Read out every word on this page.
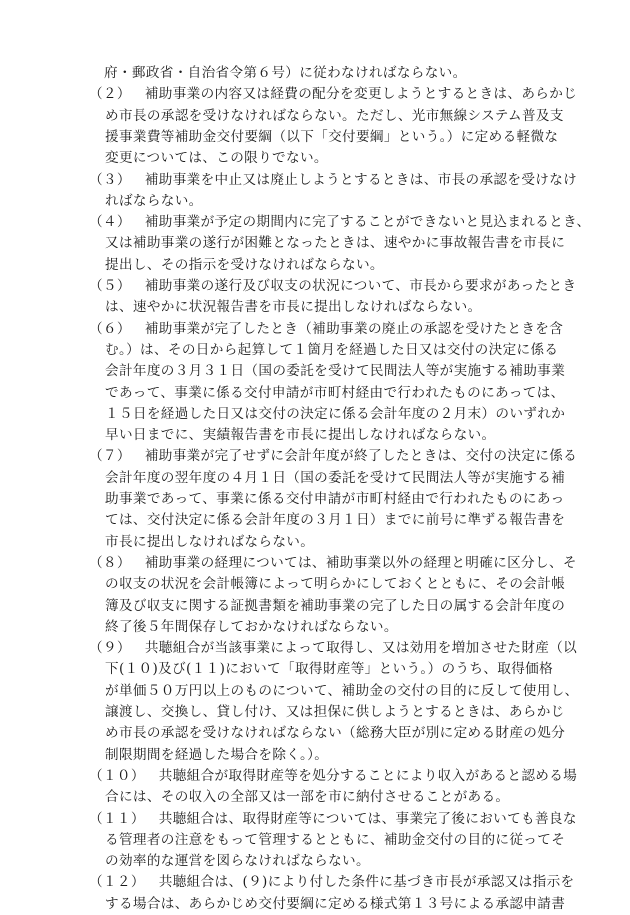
府・郵政省・自治省令第６号）に従わなければならない。
（２） 補助事業の内容又は経費の配分を変更しようとするときは、あらかじ
め市長の承認を受けなければならない。ただし、光市無線システム普及支
援事業費等補助金交付要綱（以下「交付要綱」という。）に定める軽微な
変更については、この限りでない。
（３） 補助事業を中止又は廃止しようとするときは、市長の承認を受けなけ
ればならない。
（４） 補助事業が予定の期間内に完了することができないと見込まれるとき、
又は補助事業の遂行が困難となったときは、速やかに事故報告書を市長に
提出し、その指示を受けなければならない。
（５） 補助事業の遂行及び収支の状況について、市長から要求があったとき
は、速やかに状況報告書を市長に提出しなければならない。
（６） 補助事業が完了したとき（補助事業の廃止の承認を受けたときを含
む。）は、その日から起算して１箇月を経過した日又は交付の決定に係る
会計年度の３月３１日（国の委託を受けて民間法人等が実施する補助事業
であって、事業に係る交付申請が市町村経由で行われたものにあっては、
１５日を経過した日又は交付の決定に係る会計年度の２月末）のいずれか
早い日までに、実績報告書を市長に提出しなければならない。
（７） 補助事業が完了せずに会計年度が終了したときは、交付の決定に係る
会計年度の翌年度の４月１日（国の委託を受けて民間法人等が実施する補
助事業であって、事業に係る交付申請が市町村経由で行われたものにあっ
ては、交付決定に係る会計年度の３月１日）までに前号に準ずる報告書を
市長に提出しなければならない。
（８） 補助事業の経理については、補助事業以外の経理と明確に区分し、そ
の収支の状況を会計帳簿によって明らかにしておくとともに、その会計帳
簿及び収支に関する証拠書類を補助事業の完了した日の属する会計年度の
終了後５年間保存しておかなければならない。
（９） 共聴組合が当該事業によって取得し、又は効用を増加させた財産（以
下(１０)及び(１１)において「取得財産等」という。）のうち、取得価格
が単価５０万円以上のものについて、補助金の交付の目的に反して使用し、
譲渡し、交換し、貸し付け、又は担保に供しようとするときは、あらかじ
め市長の承認を受けなければならない（総務大臣が別に定める財産の処分
制限期間を経過した場合を除く。）。
（１０） 共聴組合が取得財産等を処分することにより収入があると認める場
合には、その収入の全部又は一部を市に納付させることがある。
（１１） 共聴組合は、取得財産等については、事業完了後においても善良な
る管理者の注意をもって管理するとともに、補助金交付の目的に従ってそ
の効率的な運営を図らなければならない。
（１２） 共聴組合は、(９)により付した条件に基づき市長が承認又は指示を
する場合は、あらかじめ交付要綱に定める様式第１３号による承認申請書
